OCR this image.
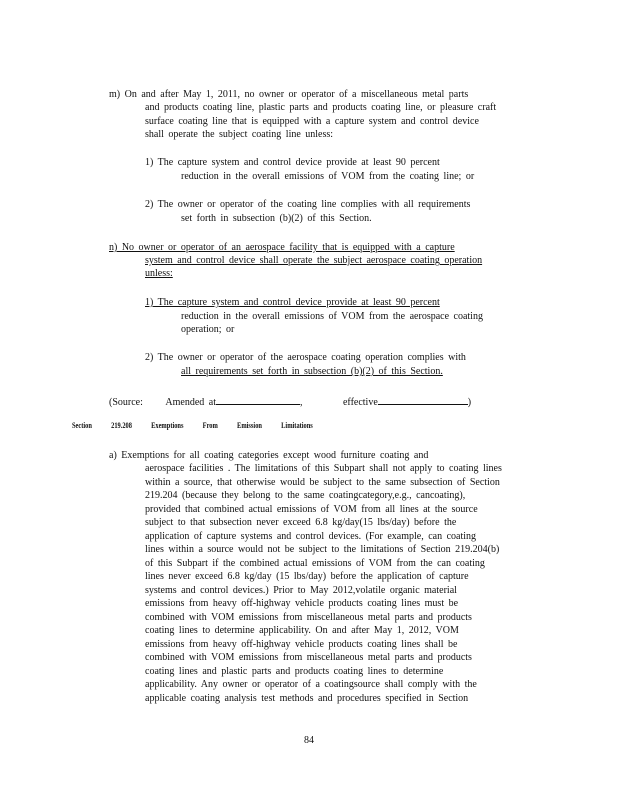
m) On and after May 1, 2011, no owner or operator of a miscellaneous metal parts
and products coating line, plastic parts and products coating line, or pleasure craft
surface coating line that is equipped with a capture system and control device
shall operate the subject coating line unless:
1) The capture system and control device provide at least 90 percent
reduction in the overall emissions of VOM from the coating line; or
2) The owner or operator of the coating line complies with all requirements
set forth in subsection (b)(2) of this Section.
n) No owner or operator of an aerospace facility that is equipped with a capture
system and control device shall operate the subject aerospace coating operation
unless:
1) The capture system and control device provide at least 90 percent
reduction in the overall emissions of VOM from the aerospace coating
operation; or
2) The owner or operator of the aerospace coating operation complies with
all requirements set forth in subsection (b)(2) of this Section.
(Source: Amended at	,         effective	)
Section 219.208 Exemptions From Emission Limitations
a) Exemptions for all coating categories except wood furniture coating and
aerospace facilities . The limitations of this Subpart shall not apply to coating lines
within a source, that otherwise would be subject to the same subsection of Section
219.204 (because they belong to the same coatingcategory,e.g., cancoating),
provided that combined actual emissions of VOM from all lines at the source
subject to that subsection never exceed 6.8 kg/day(15 lbs/day) before the
application of capture systems and control devices. (For example, can coating
lines within a source would not be subject to the limitations of Section 219.204(b)
of this Subpart if the combined actual emissions of VOM from the can coating
lines never exceed 6.8 kg/day (15 lbs/day) before the application of capture
systems and control devices.) Prior to May 2012,volatile organic material
emissions from heavy off-highway vehicle products coating lines must be
combined with VOM emissions from miscellaneous metal parts and products
coating lines to determine applicability. On and after May 1, 2012, VOM
emissions from heavy off-highway vehicle products coating lines shall be
combined with VOM emissions from miscellaneous metal parts and products
coating lines and plastic parts and products coating lines to determine
applicability. Any owner or operator of a coatingsource shall comply with the
applicable coating analysis test methods and procedures specified in Section
84
